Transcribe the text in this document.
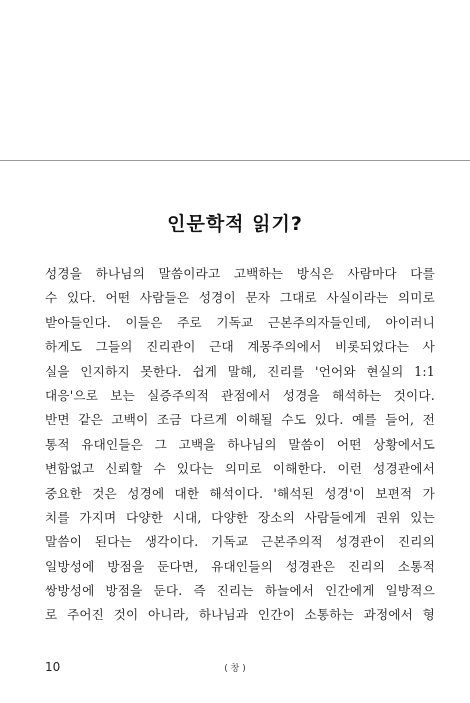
인문학적 읽기?
성경을 하나님의 말씀이라고 고백하는 방식은 사람마다 다를
수 있다. 어떤 사람들은 성경이 문자 그대로 사실이라는 의미로
받아들인다. 이들은 주로 기독교 근본주의자들인데, 아이러니
하게도 그들의 진리관이 근대 계몽주의에서 비롯되었다는 사
실을 인지하지 못한다. 쉽게 말해, 진리를 '언어와 현실의 1:1
대응'으로 보는 실증주의적 관점에서 성경을 해석하는 것이다.
반면 같은 고백이 조금 다르게 이해될 수도 있다. 예를 들어, 전
통적 유대인들은 그 고백을 하나님의 말씀이 어떤 상황에서도
변함없고 신뢰할 수 있다는 의미로 이해한다. 이런 성경관에서
중요한 것은 성경에 대한 해석이다. '해석된 성경'이 보편적 가
치를 가지며 다양한 시대, 다양한 장소의 사람들에게 권위 있는
말씀이 된다는 생각이다. 기독교 근본주의적 성경관이 진리의
일방성에 방점을 둔다면, 유대인들의 성경관은 진리의 소통적
쌍방성에 방점을 둔다. 즉 진리는 하늘에서 인간에게 일방적으
로 주어진 것이 아니라, 하나님과 인간이 소통하는 과정에서 형
10	( 창 )
